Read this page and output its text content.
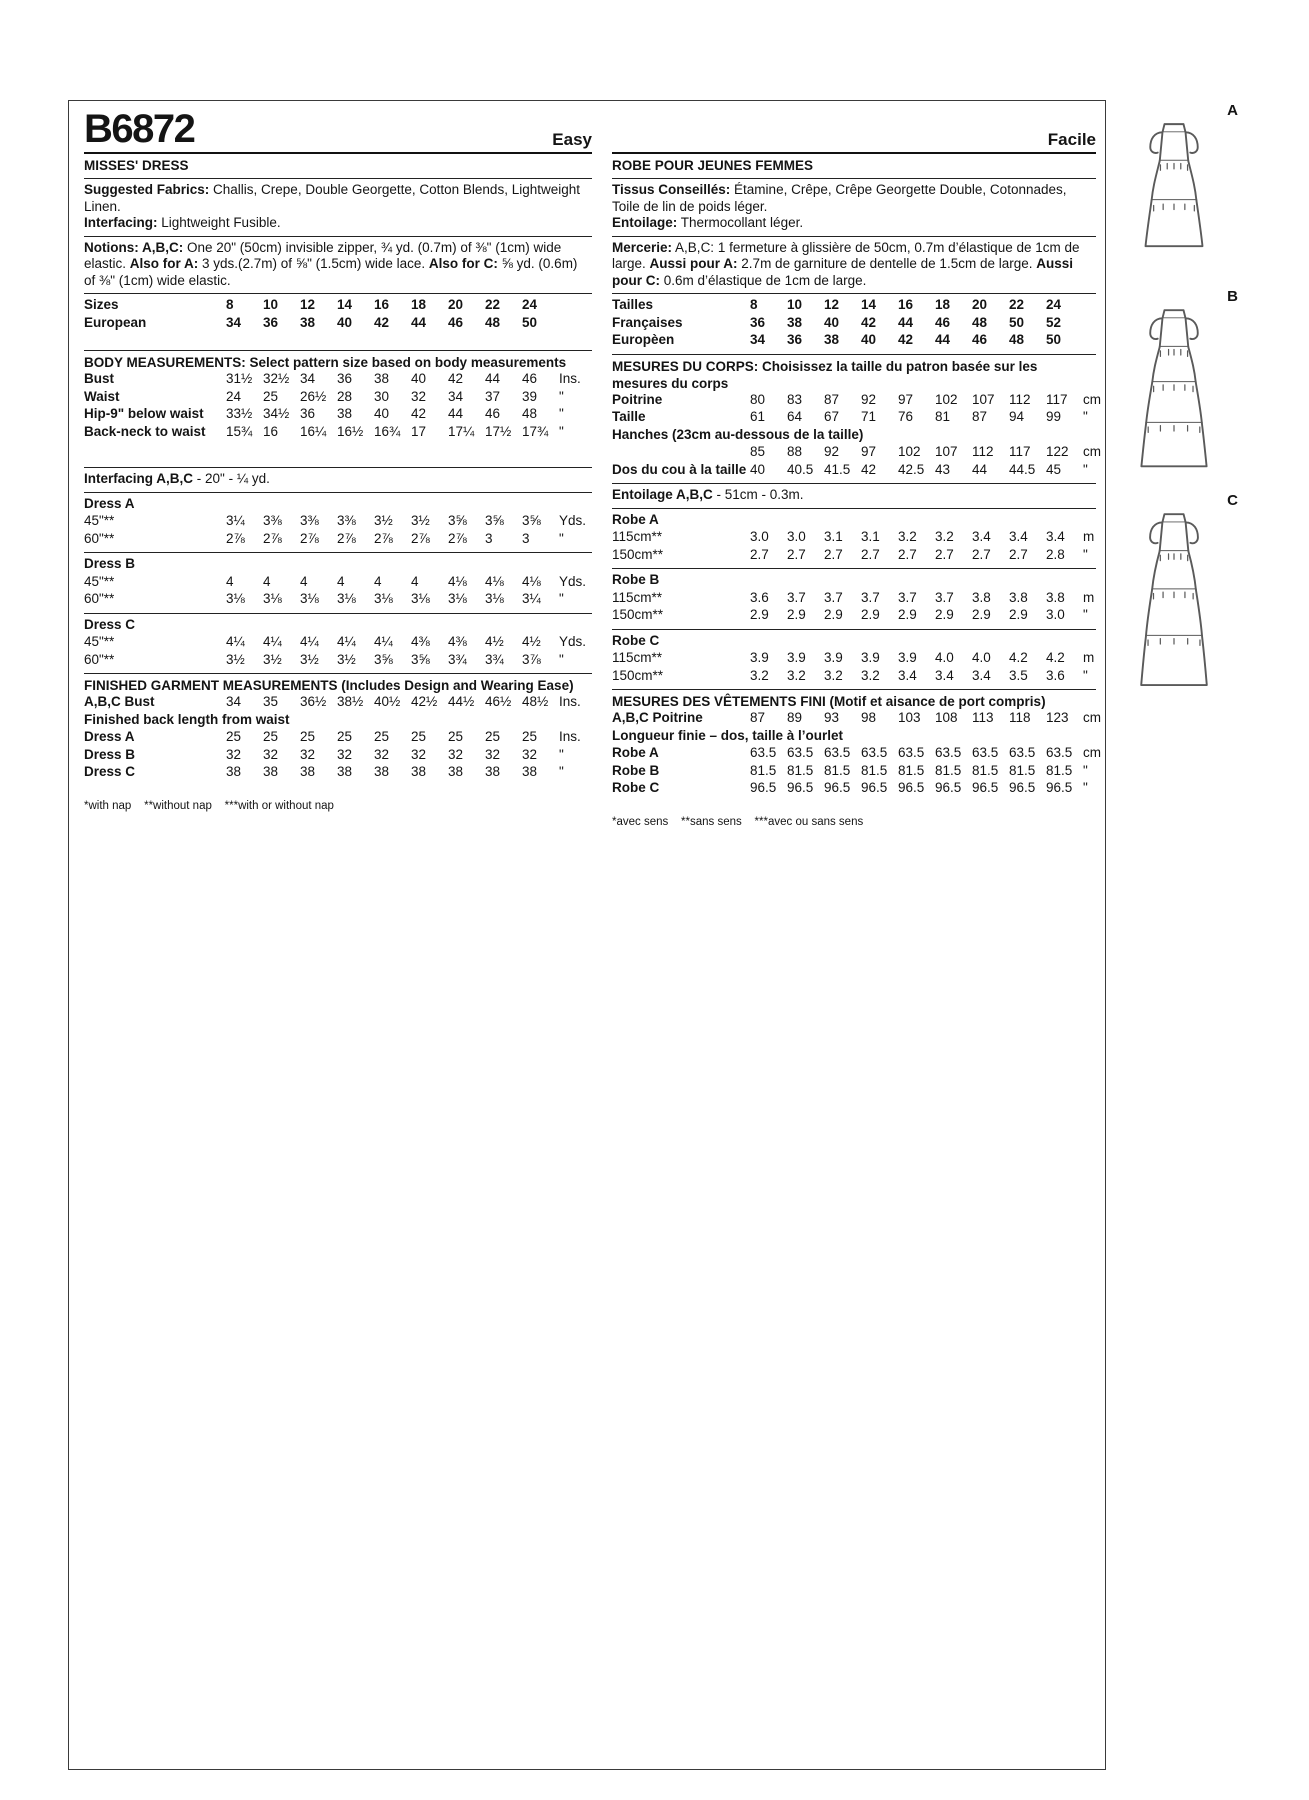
B6872	Easy
MISSES' DRESS
Suggested Fabrics: Challis, Crepe, Double Georgette, Cotton Blends, Lightweight Linen.
Interfacing: Lightweight Fusible.
Notions: A,B,C: One 20" (50cm) invisible zipper, ¾ yd. (0.7m) of ⅜" (1cm) wide elastic. Also for A: 3 yds.(2.7m) of ⅝" (1.5cm) wide lace. Also for C: ⅝ yd. (0.6m) of ⅜" (1cm) wide elastic.
Sizes	8	10	12	14	16	18	20	22	24
European	34	36	38	40	42	44	46	48	50
BODY MEASUREMENTS: Select pattern size based on body measurements
Bust	31½ 32½ 34	36	38	40	42	44	46	Ins.
Waist	24	25	26½ 28	30	32	34	37	39	"
Hip-9" below waist	33½ 34½ 36	38	40	42	44	46	48	"
Back-neck to waist	15¾ 16	16¼ 16½ 16¾ 17	17¼ 17½ 17¾ "
Interfacing A,B,C - 20" - ¼ yd.
Dress A
45"**	3¼	3⅜	3⅜	3⅜	3½	3½	3⅝	3⅝	3⅝	Yds.
60"**	2⅞	2⅞	2⅞	2⅞	2⅞	2⅞	2⅞	3	3	"
Dress B
45"**	4	4	4	4	4	4	4⅛	4⅛	4⅛	Yds.
60"**	3⅛	3⅛	3⅛	3⅛	3⅛	3⅛	3⅛	3⅛	3¼	"
Dress C
45"**	4¼	4¼	4¼	4¼	4¼	4⅜	4⅜	4½	4½	Yds.
60"**	3½	3½	3½	3½	3⅝	3⅝	3¾	3¾	3⅞	"
FINISHED GARMENT MEASUREMENTS (Includes Design and Wearing Ease)
A,B,C Bust	34	35	36½ 38½ 40½ 42½ 44½ 46½ 48½ Ins.
Finished back length from waist
Dress A	25	25	25	25	25	25	25	25	25	Ins.
Dress B	32	32	32	32	32	32	32	32	32	"
Dress C	38	38	38	38	38	38	38	38	38	"
*with nap    **without nap    ***with or without nap
Facile
ROBE POUR JEUNES FEMMES
Tissus Conseillés: Étamine, Crêpe, Crêpe Georgette Double, Cotonnades, Toile de lin de poids léger.
Entoilage: Thermocollant léger.
Mercerie: A,B,C: 1 fermeture à glissière de 50cm, 0.7m d’élastique de 1cm de large. Aussi pour A: 2.7m de garniture de dentelle de 1.5cm de large. Aussi pour C: 0.6m d’élastique de 1cm de large.
Tailles	8	10	12	14	16	18	20	22	24
Françaises	36	38	40	42	44	46	48	50	52
Europèen	34	36	38	40	42	44	46	48	50
MESURES DU CORPS: Choisissez la taille du patron basée sur les mesures du corps
Poitrine	80	83	87	92	97	102	107	112	117	cm
Taille	61	64	67	71	76	81	87	94	99	"
Hanches (23cm au-dessous de la taille)
85	88	92	97	102	107	112	117	122	cm
Dos du cou à la taille 40	40.5 41.5 42	42.5 43	44	44.5 45	"
Entoilage A,B,C - 51cm - 0.3m.
Robe A
115cm**	3.0	3.0	3.1	3.1	3.2	3.2	3.4	3.4	3.4	m
150cm**	2.7	2.7	2.7	2.7	2.7	2.7	2.7	2.7	2.8	"
Robe B
115cm**	3.6	3.7	3.7	3.7	3.7	3.7	3.8	3.8	3.8	m
150cm**	2.9	2.9	2.9	2.9	2.9	2.9	2.9	2.9	3.0	"
Robe C
115cm**	3.9	3.9	3.9	3.9	3.9	4.0	4.0	4.2	4.2	m
150cm**	3.2	3.2	3.2	3.2	3.4	3.4	3.4	3.5	3.6	"
MESURES DES VÊTEMENTS FINI (Motif et aisance de port compris)
A,B,C Poitrine	87	89	93	98	103	108	113	118	123	cm
Longueur finie – dos, taille à l’ourlet
Robe A	63.5 63.5 63.5 63.5 63.5 63.5 63.5 63.5 63.5 cm
Robe B	81.5 81.5 81.5 81.5 81.5 81.5 81.5 81.5 81.5 "
Robe C	96.5 96.5 96.5 96.5 96.5 96.5 96.5 96.5 96.5 "
*avec sens    **sans sens    ***avec ou sans sens
A
B
C
